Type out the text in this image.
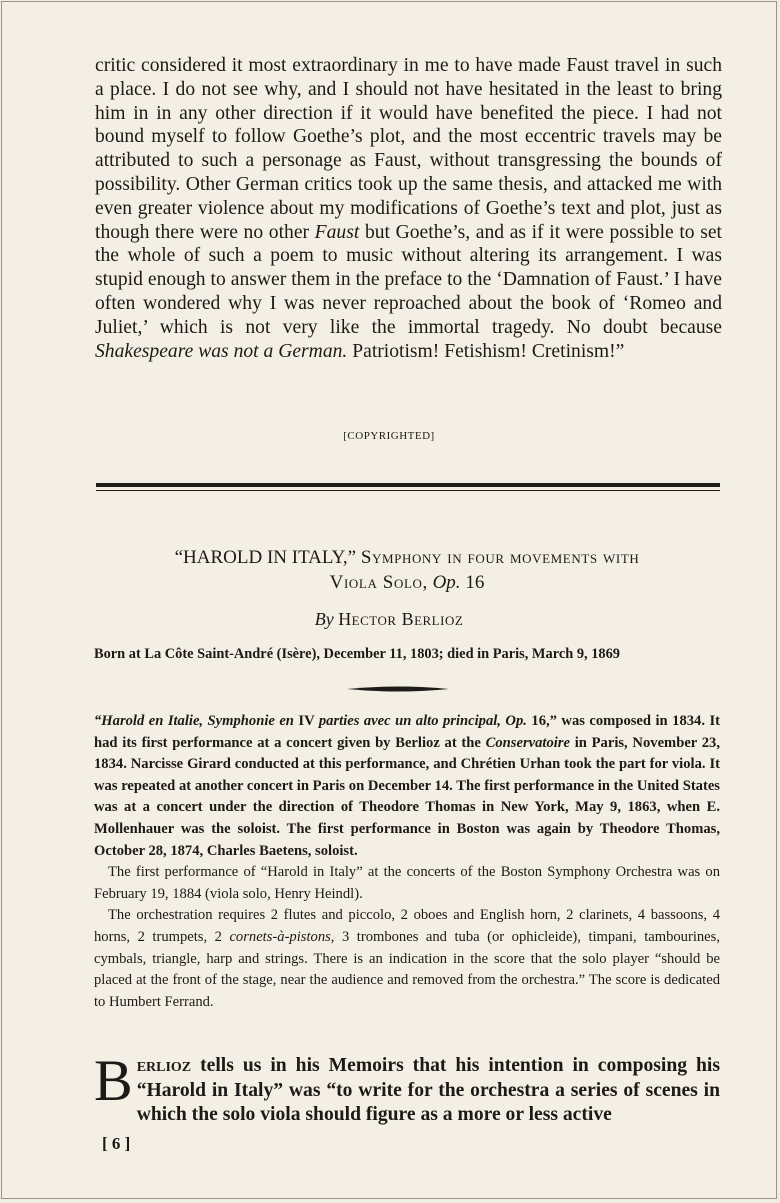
critic considered it most extraordinary in me to have made Faust travel in such a place. I do not see why, and I should not have hesitated in the least to bring him in in any other direction if it would have benefited the piece. I had not bound myself to follow Goethe’s plot, and the most eccentric travels may be attributed to such a personage as Faust, without transgressing the bounds of possibility. Other German critics took up the same thesis, and attacked me with even greater violence about my modifications of Goethe’s text and plot, just as though there were no other Faust but Goethe’s, and as if it were possible to set the whole of such a poem to music without altering its arrangement. I was stupid enough to answer them in the preface to the ‘Damnation of Faust.’ I have often wondered why I was never reproached about the book of ‘Romeo and Juliet,’ which is not very like the immortal tragedy. No doubt because Shakespeare was not a German. Patriotism! Fetishism! Cretinism!”

[COPYRIGHTED]
“HAROLD IN ITALY,” Symphony in four movements with
Viola Solo, Op. 16
By Hector Berlioz
Born at La Côte Saint-André (Isère), December 11, 1803; died in Paris, March 9, 1869

“Harold en Italie, Symphonie en IV parties avec un alto principal, Op. 16,” was composed in 1834. It had its first performance at a concert given by Berlioz at the Conservatoire in Paris, November 23, 1834. Narcisse Girard conducted at this performance, and Chrétien Urhan took the part for viola. It was repeated at another concert in Paris on December 14. The first performance in the United States was at a concert under the direction of Theodore Thomas in New York, May 9, 1863, when E. Mollenhauer was the soloist. The first performance in Boston was again by Theodore Thomas, October 28, 1874, Charles Baetens, soloist.

The first performance of “Harold in Italy” at the concerts of the Boston Symphony Orchestra was on February 19, 1884 (viola solo, Henry Heindl).

The orchestration requires 2 flutes and piccolo, 2 oboes and English horn, 2 clarinets, 4 bassoons, 4 horns, 2 trumpets, 2 cornets-à-pistons, 3 trombones and tuba (or ophicleide), timpani, tambourines, cymbals, triangle, harp and strings. There is an indication in the score that the solo player “should be placed at the front of the stage, near the audience and removed from the orchestra.” The score is dedicated to Humbert Ferrand.

Berlioz tells us in his Memoirs that his intention in composing his “Harold in Italy” was “to write for the orchestra a series of scenes in which the solo viola should figure as a more or less active
[ 6 ]
